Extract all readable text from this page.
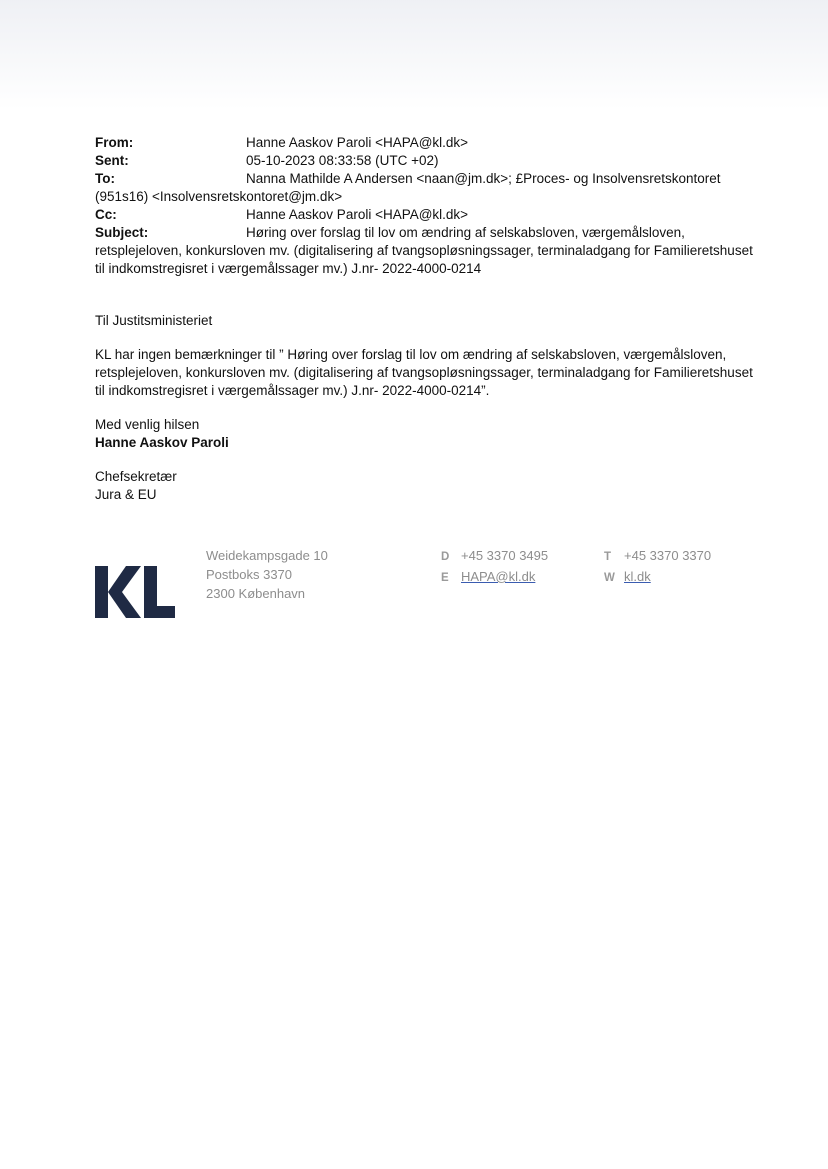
From:	Hanne Aaskov Paroli <HAPA@kl.dk>
Sent:	05-10-2023 08:33:58 (UTC +02)
To:	Nanna Mathilde A Andersen <naan@jm.dk>; £Proces- og Insolvensretskontoret (951s16) <Insolvensretskontoret@jm.dk>
Cc:	Hanne Aaskov Paroli <HAPA@kl.dk>
Subject:	Høring over forslag til lov om ændring af selskabsloven, værgemålsloven, retsplejeloven, konkursloven mv. (digitalisering af tvangsopløsningssager, terminaladgang for Familieretshuset til indkomstregisret i værgemålssager mv.) J.nr- 2022-4000-0214

Til Justitsministeriet

KL har ingen bemærkninger til ” Høring over forslag til lov om ændring af selskabsloven, værgemålsloven, retsplejeloven, konkursloven mv. (digitalisering af tvangsopløsningssager, terminaladgang for Familieretshuset til indkomstregisret i værgemålssager mv.) J.nr- 2022-4000-0214”.

Med venlig hilsen
Hanne Aaskov Paroli
Chefsekretær
Jura & EU
Weidekampsgade 10
Postboks 3370
2300 København
D +45 3370 3495
E HAPA@kl.dk
T +45 3370 3370
W kl.dk
